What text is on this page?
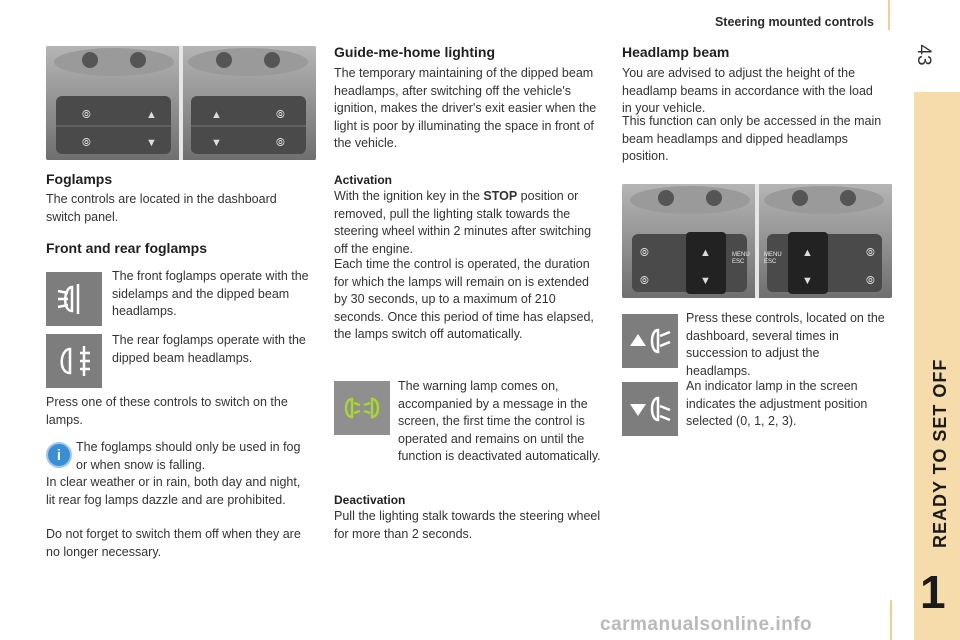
Steering mounted controls
43
1
⦾
⦾
▲
▼
▲
▼
⦾
⦾
Foglamps
The controls are located in the dashboard switch panel.
Front and rear foglamps
The front foglamps operate with the sidelamps and the dipped beam headlamps.
The rear foglamps operate with the dipped beam headlamps.
Press one of these controls to switch on the lamps.
i	The foglamps should only be used in fog or when snow is falling.
In clear weather or in rain, both day and night, lit rear fog lamps dazzle and are prohibited.
Do not forget to switch them off when they are no longer necessary.
Guide-me-home lighting
The temporary maintaining of the dipped beam headlamps, after switching off the vehicle's ignition, makes the driver's exit easier when the light is poor by illuminating the space in front of the vehicle.
Activation
With the ignition key in the STOP position or removed, pull the lighting stalk towards the steering wheel within 2 minutes after switching off the engine.
Each time the control is operated, the duration for which the lamps will remain on is extended by 30 seconds, up to a maximum of 210 seconds. Once this period of time has elapsed, the lamps switch off automatically.
The warning lamp comes on, accompanied by a message in the screen, the first time the control is operated and remains on until the function is deactivated automatically.
Deactivation
Pull the lighting stalk towards the steering wheel for more than 2 seconds.
Headlamp beam
You are advised to adjust the height of the headlamp beams in accordance with the load in your vehicle.
This function can only be accessed in the main beam headlamps and dipped headlamps position.
▲
▼
▲
▼
⦾
⦾
⦾
⦾
MENU ESC
MENU ESC
Press these controls, located on the dashboard, several times in succession to adjust the headlamps.
An indicator lamp in the screen indicates the adjustment position selected (0, 1, 2, 3).
carmanualsonline.info
